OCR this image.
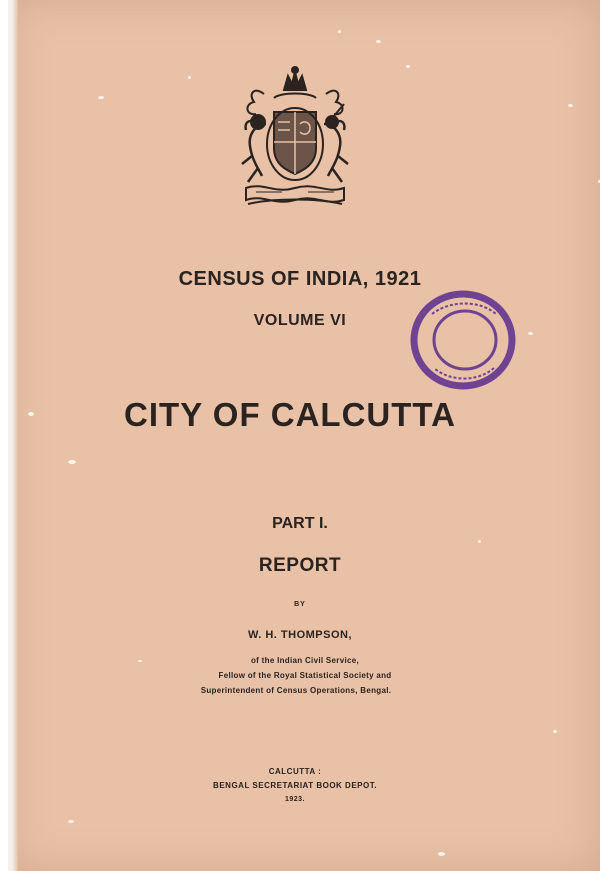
CENSUS OF INDIA, 1921
VOLUME VI
CITY OF CALCUTTA
PART I.
REPORT
BY
W. H. THOMPSON,
of the Indian Civil Service,
Fellow of the Royal Statistical Society and
Superintendent of Census Operations, Bengal.
CALCUTTA :
BENGAL SECRETARIAT BOOK DEPOT.
1923.
